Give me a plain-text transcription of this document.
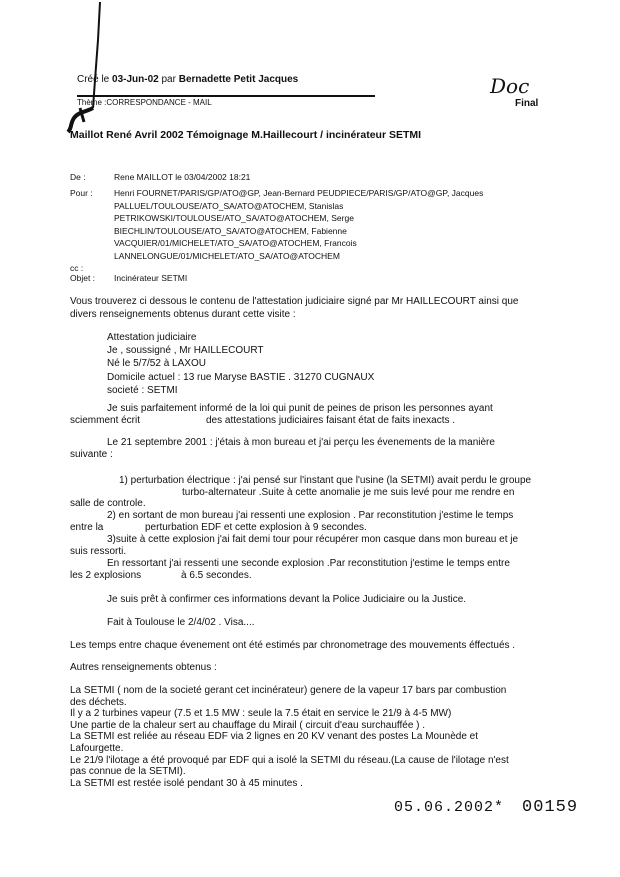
Créé le 03-Jun-02 par Bernadette Petit Jacques
Thème :CORRESPONDANCE - MAIL
Doc
Final
Maillot René Avril 2002 Témoignage M.Haillecourt / incinérateur SETMI
De :	Rene MAILLOT le 03/04/2002 18:21
Pour :	Henri FOURNET/PARIS/GP/ATO@GP, Jean-Bernard PEUDPIECE/PARIS/GP/ATO@GP, Jacques
PALLUEL/TOULOUSE/ATO_SA/ATO@ATOCHEM, Stanislas
PETRIKOWSKI/TOULOUSE/ATO_SA/ATO@ATOCHEM, Serge
BIECHLIN/TOULOUSE/ATO_SA/ATO@ATOCHEM, Fabienne
VACQUIER/01/MICHELET/ATO_SA/ATO@ATOCHEM, Francois
LANNELONGUE/01/MICHELET/ATO_SA/ATO@ATOCHEM
cc :
Objet : Incinérateur SETMI
Vous trouverez ci dessous le contenu de l'attestation judiciaire signé par Mr HAILLECOURT ainsi que
divers renseignements obtenus durant cette visite :
Attestation judiciaire
Je , soussigné , Mr HAILLECOURT
Né le 5/7/52 à LAXOU
Domicile actuel : 13 rue Maryse BASTIE . 31270 CUGNAUX
societé : SETMI
Je suis parfaitement informé de la loi qui punit de peines de prison les personnes ayant
sciemment écrit	des attestations judiciaires faisant état de faits inexacts .
Le 21 septembre 2001 : j'étais à mon bureau et j'ai perçu les évenements de la manière
suivante :
1) perturbation électrique : j'ai pensé sur l'instant que l'usine (la SETMI) avait perdu le groupe
turbo-alternateur .Suite à cette anomalie je me suis levé pour me rendre en
salle de controle.
2) en sortant de mon bureau j'ai ressenti une explosion . Par reconstitution j'estime le temps
entre la	perturbation EDF et cette explosion à 9 secondes.
3)suite à cette explosion j'ai fait demi tour pour récupérer mon casque dans mon bureau et je
suis ressorti.
En ressortant j'ai ressenti une seconde explosion .Par reconstitution j'estime le temps entre
les 2 explosions	à 6.5 secondes.
Je suis prêt à confirmer ces informations devant la Police Judiciaire ou la Justice.
Fait à Toulouse le 2/4/02 . Visa....
Les temps entre chaque évenement ont été estimés par chronometrage des mouvements éffectués .
Autres renseignements obtenus :
La SETMI ( nom de la societé gerant cet incinérateur) genere de la vapeur 17 bars par combustion
des déchets.
Il y a 2 turbines vapeur (7.5 et 1.5 MW : seule la 7.5 était en service le 21/9 à 4-5 MW)
Une partie de la chaleur sert au chauffage du Mirail ( circuit d'eau surchauffée ) .
La SETMI est reliée au réseau EDF via 2 lignes en 20 KV venant des postes La Mounède et
Lafourgette.
Le 21/9 l'ilotage a été provoqué par EDF qui a isolé la SETMI du réseau.(La cause de l'ilotage n'est
pas connue de la SETMI).
La SETMI est restée isolé pendant 30 à 45 minutes .
05.06.2002* 00159
